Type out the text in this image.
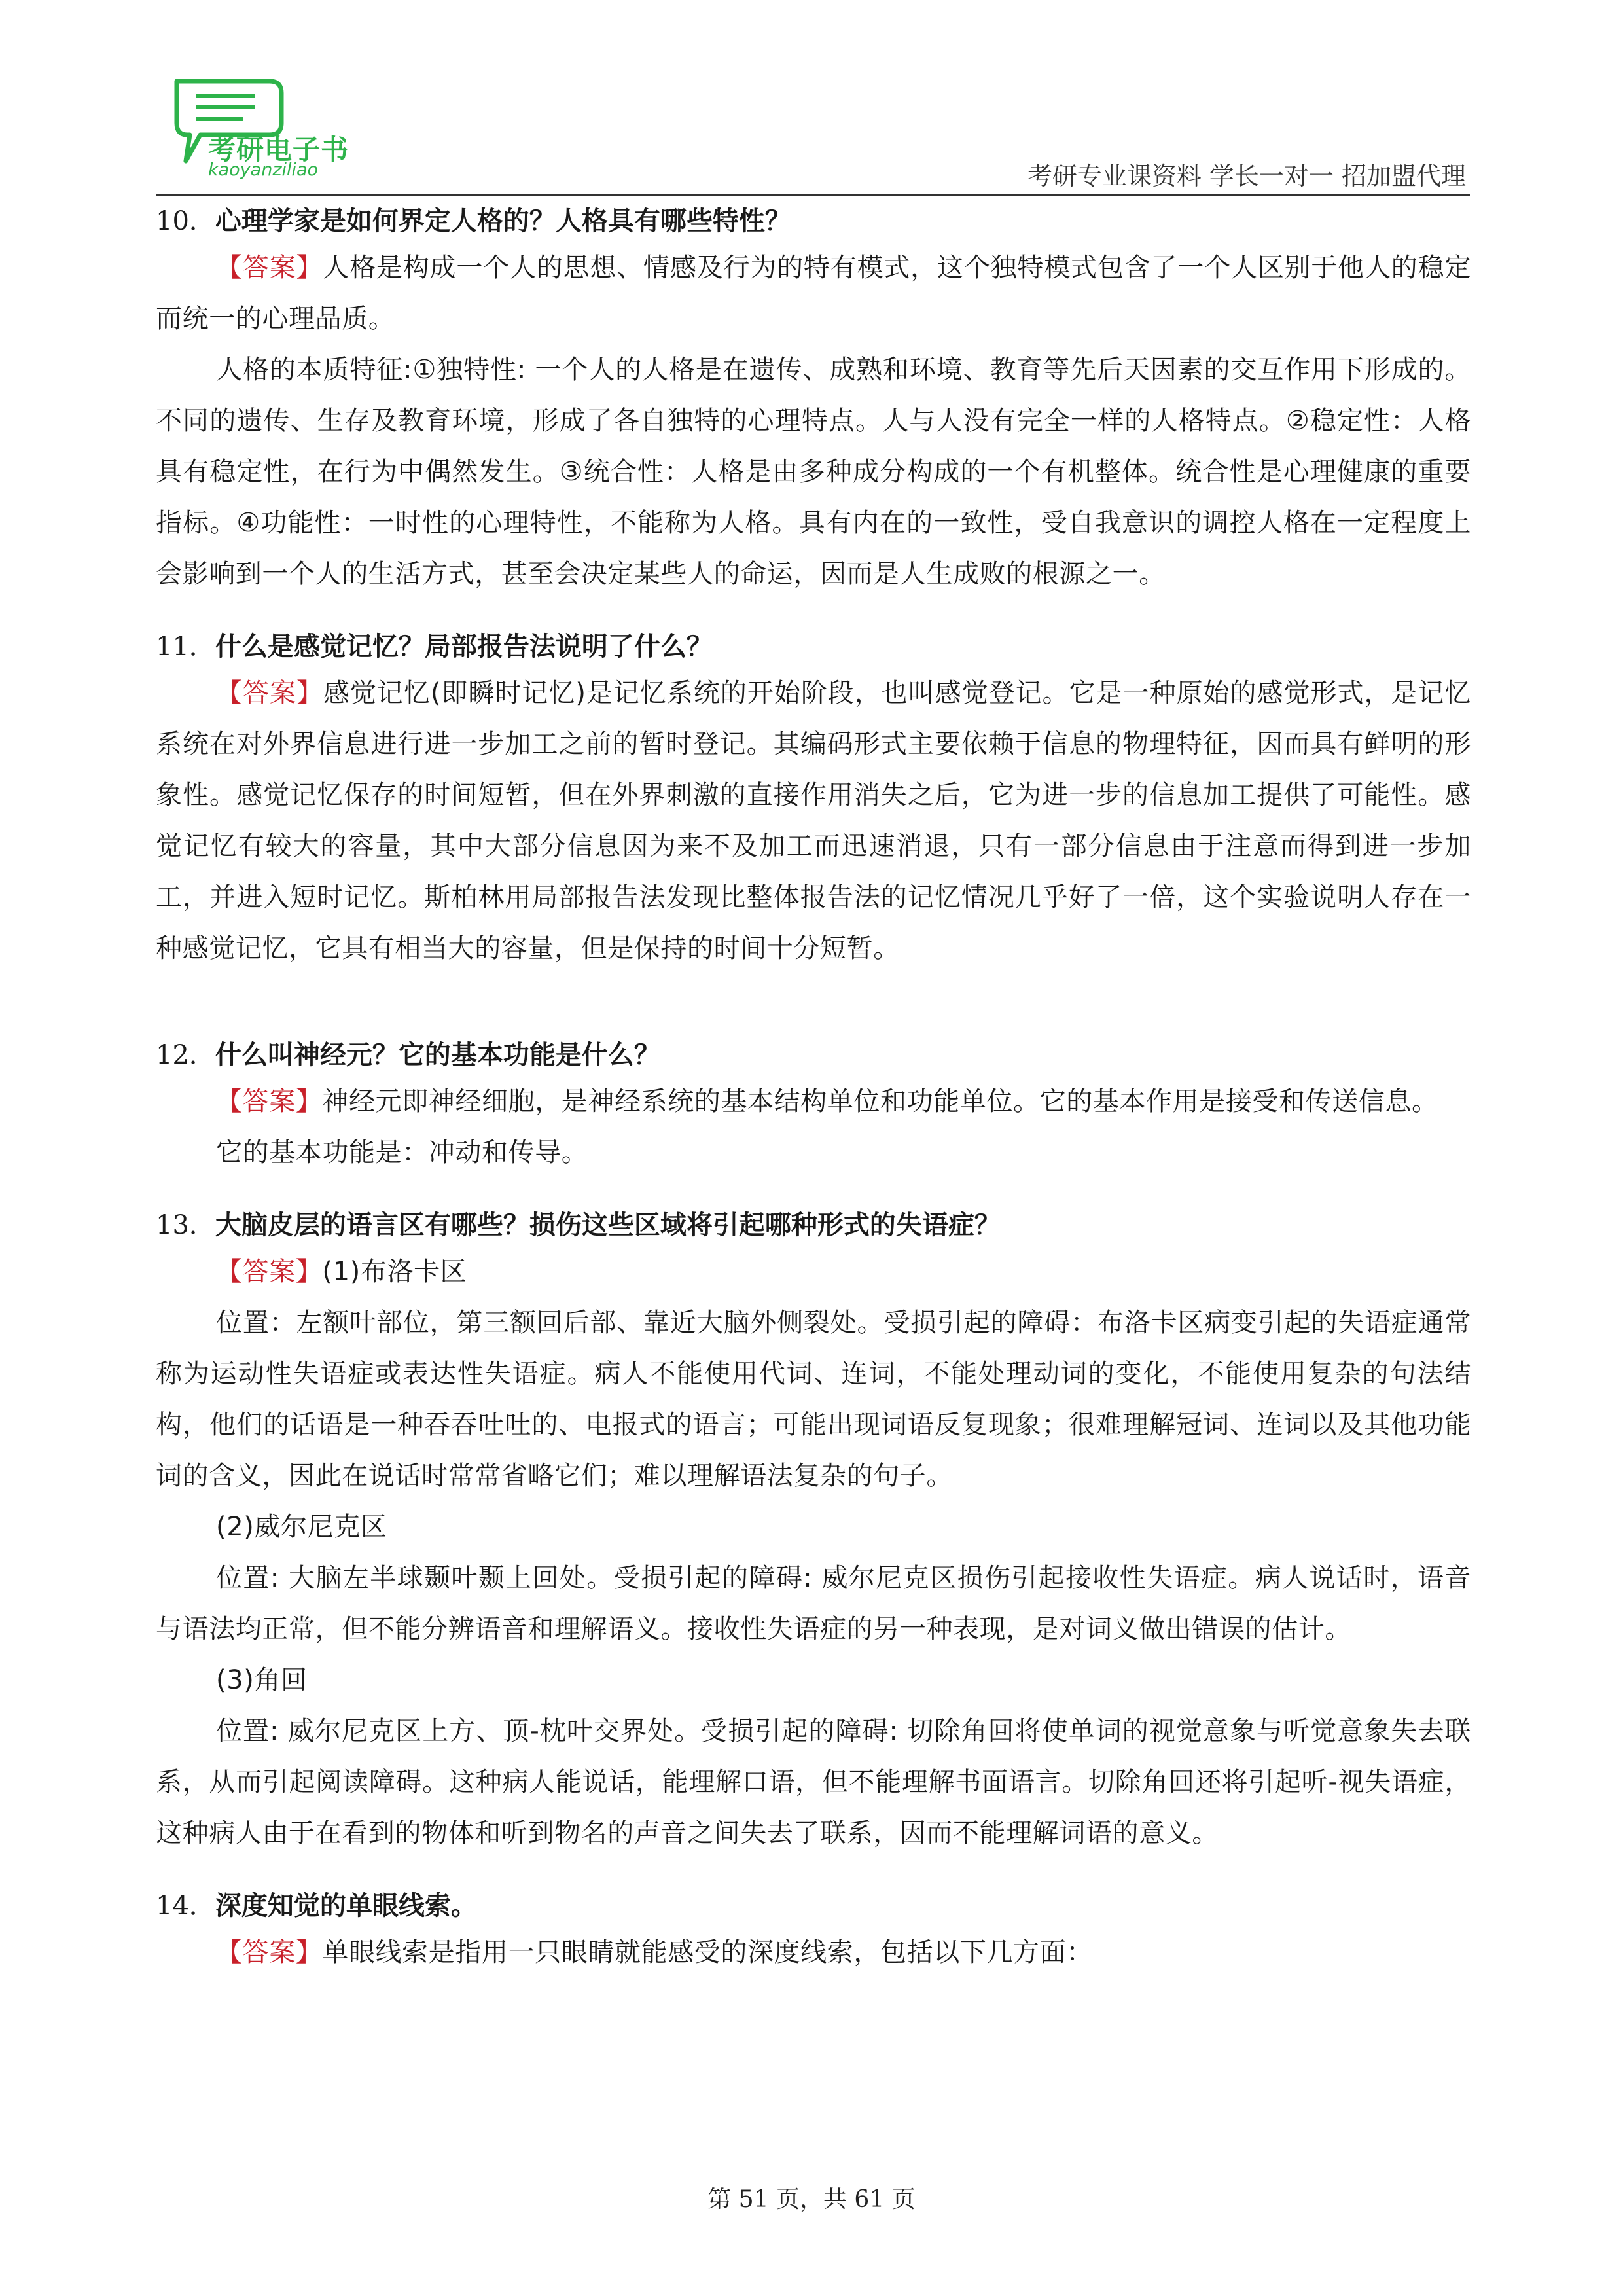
考研电子书
kaoyanziliao	考研专业课资料 学长一对一 招加盟代理

10．心理学家是如何界定人格的？人格具有哪些特性？

【答案】人格是构成一个人的思想、情感及行为的特有模式，这个独特模式包含了一个人区别于他人的稳定而统一的心理品质。

人格的本质特征:①独特性: 一个人的人格是在遗传、成熟和环境、教育等先后天因素的交互作用下形成的。不同的遗传、生存及教育环境，形成了各自独特的心理特点。人与人没有完全一样的人格特点。②稳定性：人格具有稳定性，在行为中偶然发生。③统合性：人格是由多种成分构成的一个有机整体。统合性是心理健康的重要指标。④功能性：一时性的心理特性，不能称为人格。具有内在的一致性，受自我意识的调控人格在一定程度上会影响到一个人的生活方式，甚至会决定某些人的命运，因而是人生成败的根源之一。

11．什么是感觉记忆？局部报告法说明了什么？

【答案】感觉记忆(即瞬时记忆)是记忆系统的开始阶段，也叫感觉登记。它是一种原始的感觉形式，是记忆系统在对外界信息进行进一步加工之前的暂时登记。其编码形式主要依赖于信息的物理特征，因而具有鲜明的形象性。感觉记忆保存的时间短暂，但在外界刺激的直接作用消失之后，它为进一步的信息加工提供了可能性。感觉记忆有较大的容量，其中大部分信息因为来不及加工而迅速消退，只有一部分信息由于注意而得到进一步加工，并进入短时记忆。斯柏林用局部报告法发现比整体报告法的记忆情况几乎好了一倍，这个实验说明人存在一种感觉记忆，它具有相当大的容量，但是保持的时间十分短暂。

12．什么叫神经元？它的基本功能是什么？

【答案】神经元即神经细胞，是神经系统的基本结构单位和功能单位。它的基本作用是接受和传送信息。

它的基本功能是：冲动和传导。

13．大脑皮层的语言区有哪些？损伤这些区域将引起哪种形式的失语症？

【答案】(1)布洛卡区

位置：左额叶部位，第三额回后部、靠近大脑外侧裂处。受损引起的障碍：布洛卡区病变引起的失语症通常称为运动性失语症或表达性失语症。病人不能使用代词、连词，不能处理动词的变化，不能使用复杂的句法结构，他们的话语是一种吞吞吐吐的、电报式的语言；可能出现词语反复现象；很难理解冠词、连词以及其他功能词的含义，因此在说话时常常省略它们；难以理解语法复杂的句子。

(2)威尔尼克区

位置: 大脑左半球颞叶颞上回处。受损引起的障碍: 威尔尼克区损伤引起接收性失语症。病人说话时，语音与语法均正常，但不能分辨语音和理解语义。接收性失语症的另一种表现，是对词义做出错误的估计。

(3)角回

位置: 威尔尼克区上方、顶-枕叶交界处。受损引起的障碍: 切除角回将使单词的视觉意象与听觉意象失去联系，从而引起阅读障碍。这种病人能说话，能理解口语，但不能理解书面语言。切除角回还将引起听-视失语症，这种病人由于在看到的物体和听到物名的声音之间失去了联系，因而不能理解词语的意义。

14．深度知觉的单眼线索。

【答案】单眼线索是指用一只眼睛就能感受的深度线索，包括以下几方面：

第 51 页，共 61 页
